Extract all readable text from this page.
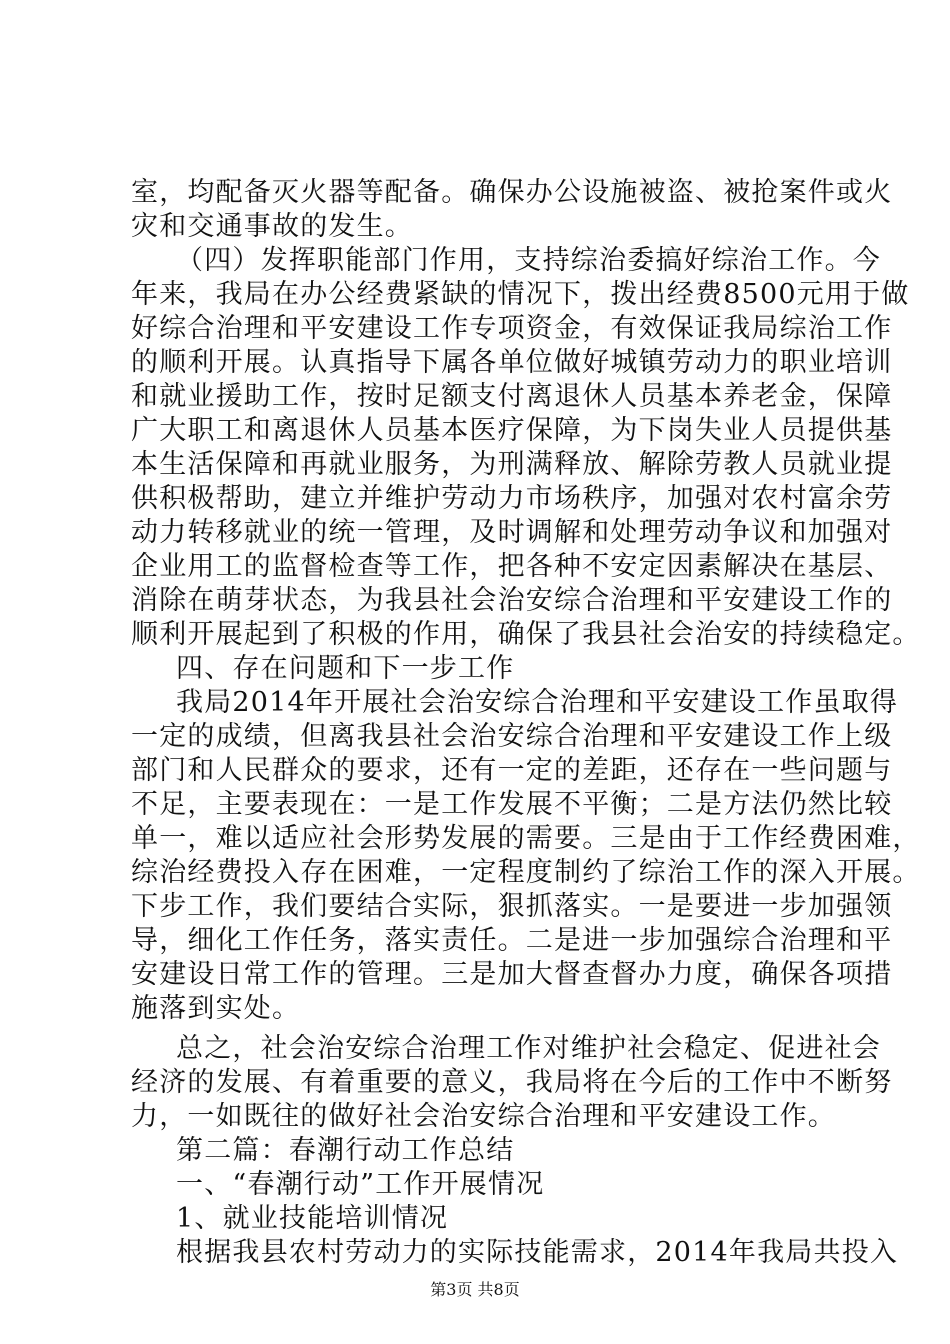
室，均配备灭火器等配备。确保办公设施被盗、被抢案件或火
灾和交通事故的发生。
（四）发挥职能部门作用，支持综治委搞好综治工作。今
年来，我局在办公经费紧缺的情况下，拨出经费8500元用于做
好综合治理和平安建设工作专项资金，有效保证我局综治工作
的顺利开展。认真指导下属各单位做好城镇劳动力的职业培训
和就业援助工作，按时足额支付离退休人员基本养老金，保障
广大职工和离退休人员基本医疗保障，为下岗失业人员提供基
本生活保障和再就业服务，为刑满释放、解除劳教人员就业提
供积极帮助，建立并维护劳动力市场秩序，加强对农村富余劳
动力转移就业的统一管理，及时调解和处理劳动争议和加强对
企业用工的监督检查等工作，把各种不安定因素解决在基层、
消除在萌芽状态，为我县社会治安综合治理和平安建设工作的
顺利开展起到了积极的作用，确保了我县社会治安的持续稳定。
四、存在问题和下一步工作
我局2014年开展社会治安综合治理和平安建设工作虽取得
一定的成绩，但离我县社会治安综合治理和平安建设工作上级
部门和人民群众的要求，还有一定的差距，还存在一些问题与
不足，主要表现在：一是工作发展不平衡；二是方法仍然比较
单一，难以适应社会形势发展的需要。三是由于工作经费困难，
综治经费投入存在困难，一定程度制约了综治工作的深入开展。
下步工作，我们要结合实际，狠抓落实。一是要进一步加强领
导，细化工作任务，落实责任。二是进一步加强综合治理和平
安建设日常工作的管理。三是加大督查督办力度，确保各项措
施落到实处。
总之，社会治安综合治理工作对维护社会稳定、促进社会
经济的发展、有着重要的意义，我局将在今后的工作中不断努
力，一如既往的做好社会治安综合治理和平安建设工作。
第二篇：春潮行动工作总结
一、“春潮行动”工作开展情况
1、就业技能培训情况
根据我县农村劳动力的实际技能需求，2014年我局共投入
第3页 共8页
